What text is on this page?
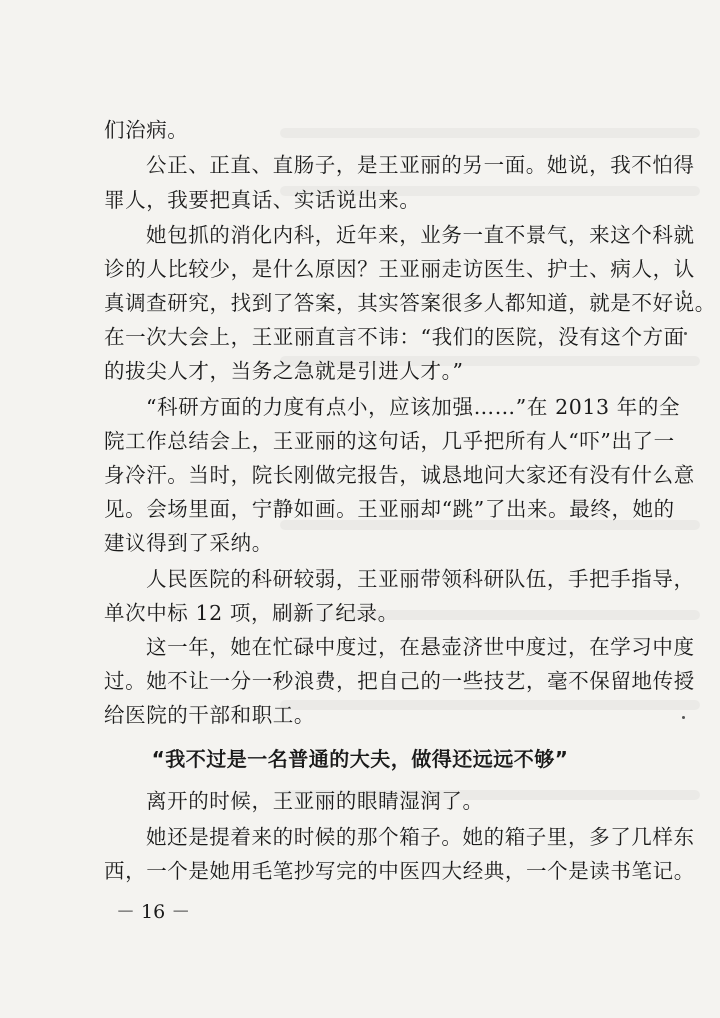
们治病。
公正、正直、直肠子，是王亚丽的另一面。她说，我不怕得
罪人，我要把真话、实话说出来。
她包抓的消化内科，近年来，业务一直不景气，来这个科就
诊的人比较少，是什么原因？王亚丽走访医生、护士、病人，认
真调查研究，找到了答案，其实答案很多人都知道，就是不好说。
在一次大会上，王亚丽直言不讳：“我们的医院，没有这个方面
的拔尖人才，当务之急就是引进人才。”
“科研方面的力度有点小，应该加强……”在 2013 年的全
院工作总结会上，王亚丽的这句话，几乎把所有人“吓”出了一
身冷汗。当时，院长刚做完报告，诚恳地问大家还有没有什么意
见。会场里面，宁静如画。王亚丽却“跳”了出来。最终，她的
建议得到了采纳。
人民医院的科研较弱，王亚丽带领科研队伍，手把手指导，
单次中标 12 项，刷新了纪录。
这一年，她在忙碌中度过，在悬壶济世中度过，在学习中度
过。她不让一分一秒浪费，把自己的一些技艺，毫不保留地传授
给医院的干部和职工。
“我不过是一名普通的大夫，做得还远远不够”
离开的时候，王亚丽的眼睛湿润了。
她还是提着来的时候的那个箱子。她的箱子里，多了几样东
西，一个是她用毛笔抄写完的中医四大经典，一个是读书笔记。
－ 16 －
